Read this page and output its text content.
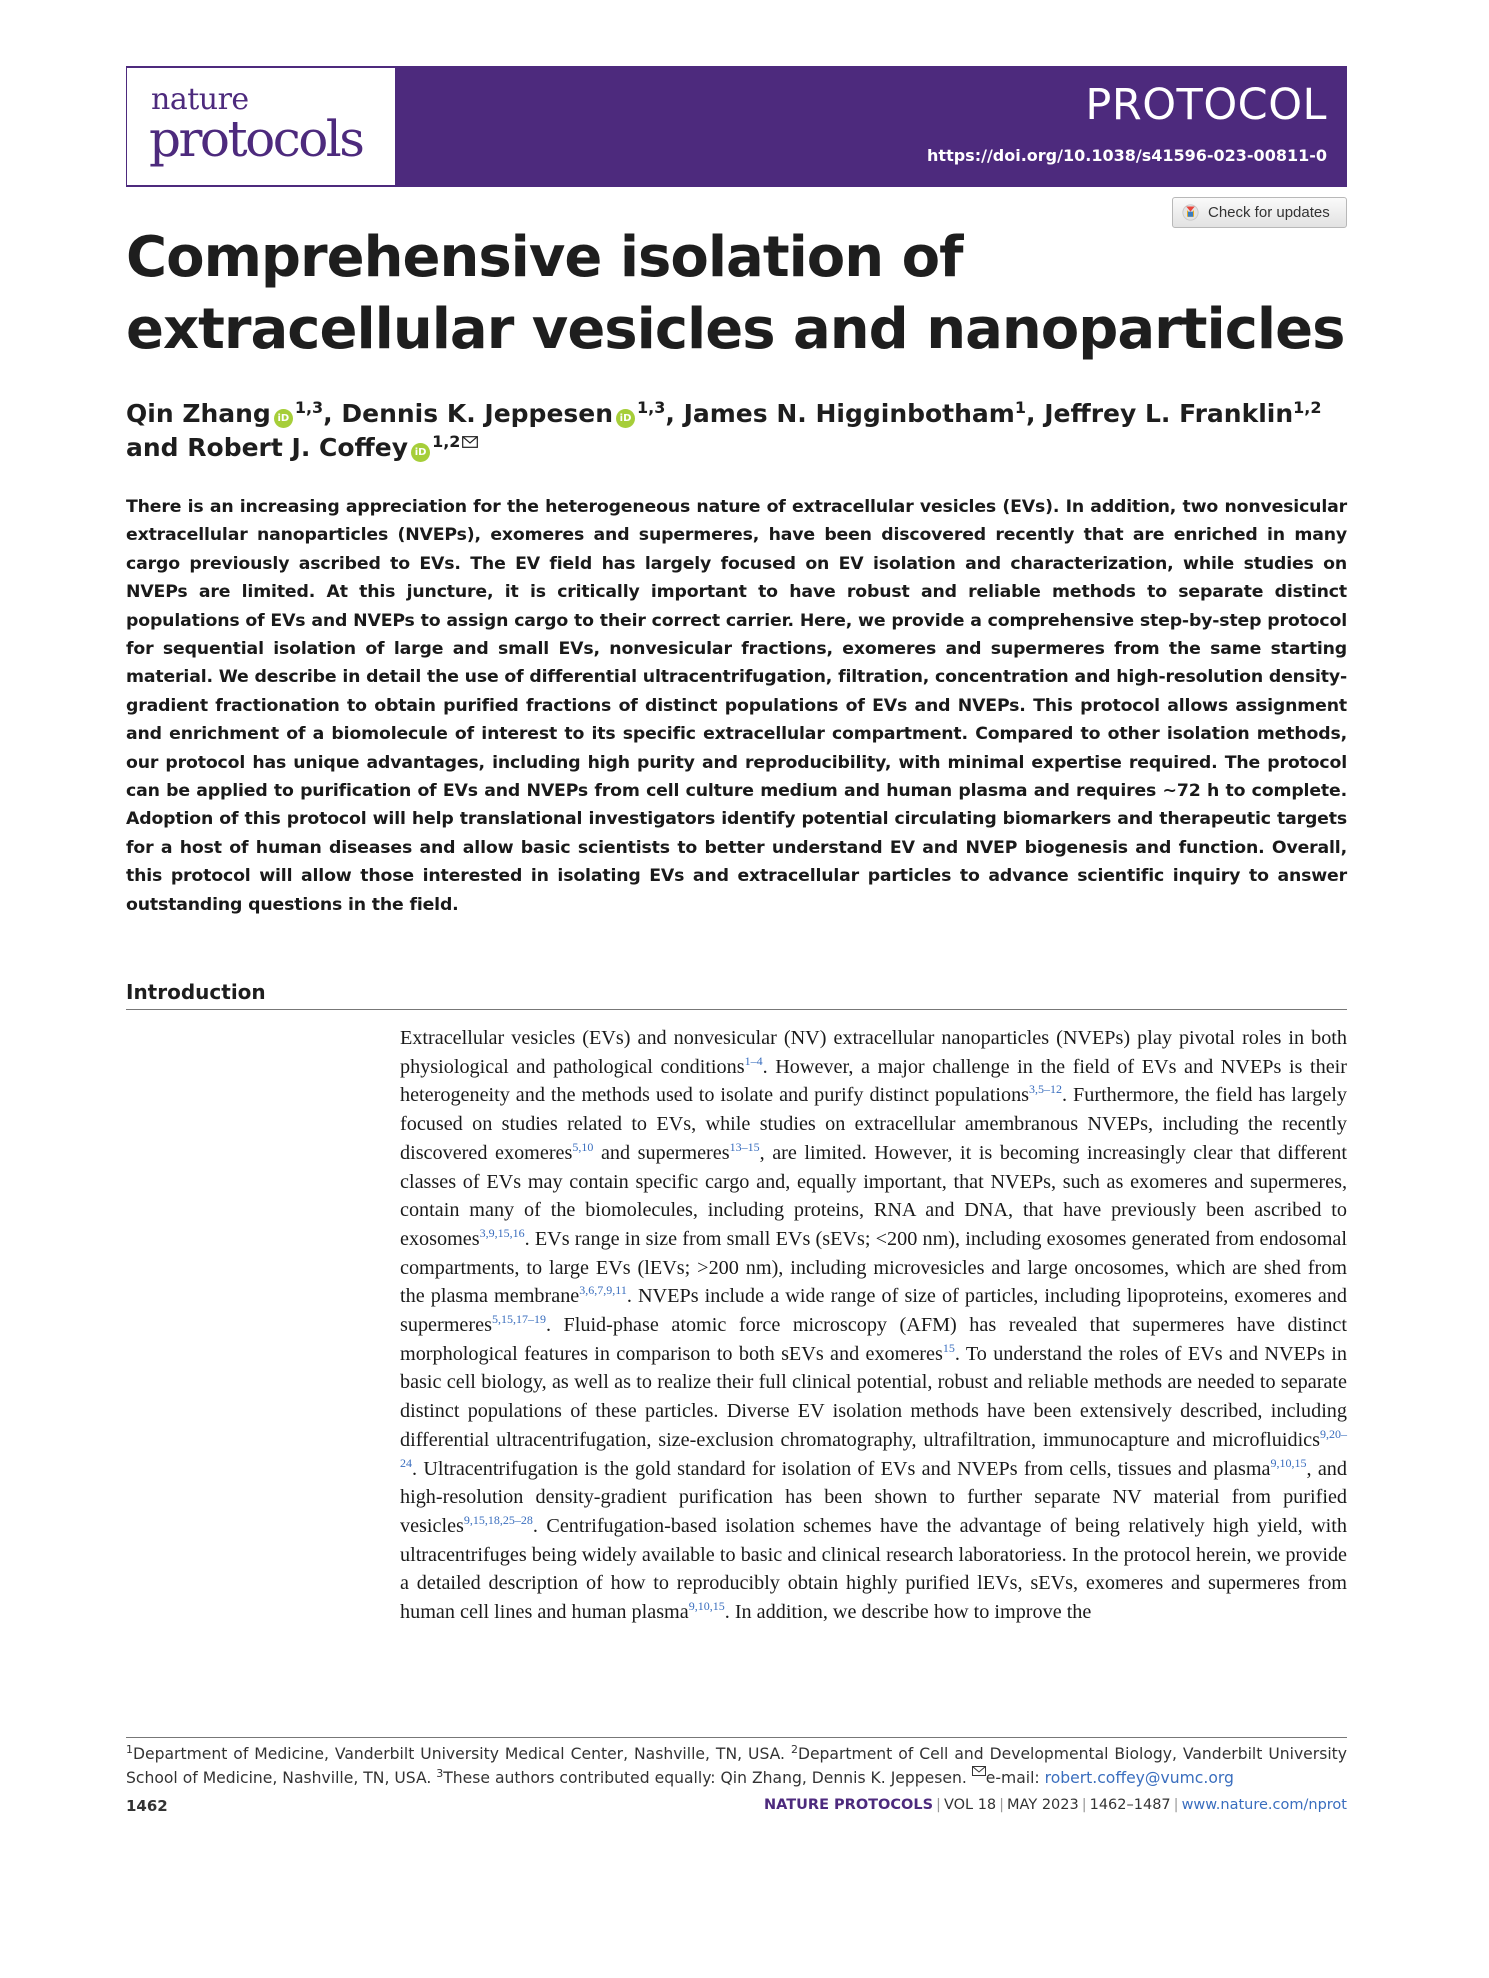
PROTOCOL
https://doi.org/10.1038/s41596-023-00811-0
nature
protocols
Check for updates
Comprehensive isolation of extracellular vesicles and nanoparticles
Qin Zhang iD$^{1,3}$, Dennis K. Jeppesen iD$^{1,3}$, James N. Higginbotham$^1$, Jeffrey L. Franklin$^{1,2}$
and Robert J. Coffey iD$^{1,2}$

There is an increasing appreciation for the heterogeneous nature of extracellular vesicles (EVs). In addition, two nonvesicular extracellular nanoparticles (NVEPs), exomeres and supermeres, have been discovered recently that are enriched in many cargo previously ascribed to EVs. The EV field has largely focused on EV isolation and characterization, while studies on NVEPs are limited. At this juncture, it is critically important to have robust and reliable methods to separate distinct populations of EVs and NVEPs to assign cargo to their correct carrier. Here, we provide a comprehensive step-by-step protocol for sequential isolation of large and small EVs, nonvesicular fractions, exomeres and supermeres from the same starting material. We describe in detail the use of differential ultracentrifugation, filtration, concentration and high-resolution density-gradient fractionation to obtain purified fractions of distinct populations of EVs and NVEPs. This protocol allows assignment and enrichment of a biomolecule of interest to its specific extracellular compartment. Compared to other isolation methods, our protocol has unique advantages, including high purity and reproducibility, with minimal expertise required. The protocol can be applied to purification of EVs and NVEPs from cell culture medium and human plasma and requires ~72 h to complete. Adoption of this protocol will help translational investigators identify potential circulating biomarkers and therapeutic targets for a host of human diseases and allow basic scientists to better understand EV and NVEP biogenesis and function. Overall, this protocol will allow those interested in isolating EVs and extracellular particles to advance scientific inquiry to answer outstanding questions in the field.

Introduction

Extracellular vesicles (EVs) and nonvesicular (NV) extracellular nanoparticles (NVEPs) play pivotal roles in both physiological and pathological conditions$^{1-4}$. However, a major challenge in the field of EVs and NVEPs is their heterogeneity and the methods used to isolate and purify distinct populations$^{3,5-12}$. Furthermore, the field has largely focused on studies related to EVs, while studies on extracellular amembranous NVEPs, including the recently discovered exomeres$^{5,10}$ and supermeres$^{13-15}$, are limited. However, it is becoming increasingly clear that different classes of EVs may contain specific cargo and, equally important, that NVEPs, such as exomeres and supermeres, contain many of the biomolecules, including proteins, RNA and DNA, that have previously been ascribed to exosomes$^{3,9,15,16}$. EVs range in size from small EVs (sEVs; <200 nm), including exosomes generated from endosomal compartments, to large EVs (lEVs; >200 nm), including microvesicles and large oncosomes, which are shed from the plasma membrane$^{3,6,7,9,11}$. NVEPs include a wide range of size of particles, including lipoproteins, exomeres and supermeres$^{5,15,17-19}$. Fluid-phase atomic force microscopy (AFM) has revealed that supermeres have distinct morphological features in comparison to both sEVs and exomeres$^{15}$. To understand the roles of EVs and NVEPs in basic cell biology, as well as to realize their full clinical potential, robust and reliable methods are needed to separate distinct populations of these particles. Diverse EV isolation methods have been extensively described, including differential ultracentrifugation, size-exclusion chromatography, ultrafiltration, immunocapture and microfluidics$^{9,20-24}$. Ultracentrifugation is the gold standard for isolation of EVs and NVEPs from cells, tissues and plasma$^{9,10,15}$, and high-resolution density-gradient purification has been shown to further separate NV material from purified vesicles$^{9,15,18,25-28}$. Centrifugation-based isolation schemes have the advantage of being relatively high yield, with ultracentrifuges being widely available to basic and clinical research laboratoriess. In the protocol herein, we provide a detailed description of how to reproducibly obtain highly purified lEVs, sEVs, exomeres and supermeres from human cell lines and human plasma$^{9,10,15}$. In addition, we describe how to improve the

$^1$Department of Medicine, Vanderbilt University Medical Center, Nashville, TN, USA. $^2$Department of Cell and Developmental Biology, Vanderbilt University School of Medicine, Nashville, TN, USA. $^3$These authors contributed equally: Qin Zhang, Dennis K. Jeppesen. e-mail: robert.coffey@vumc.org

1462	NATURE PROTOCOLS | VOL 18 | MAY 2023 | 1462–1487 | www.nature.com/nprot
